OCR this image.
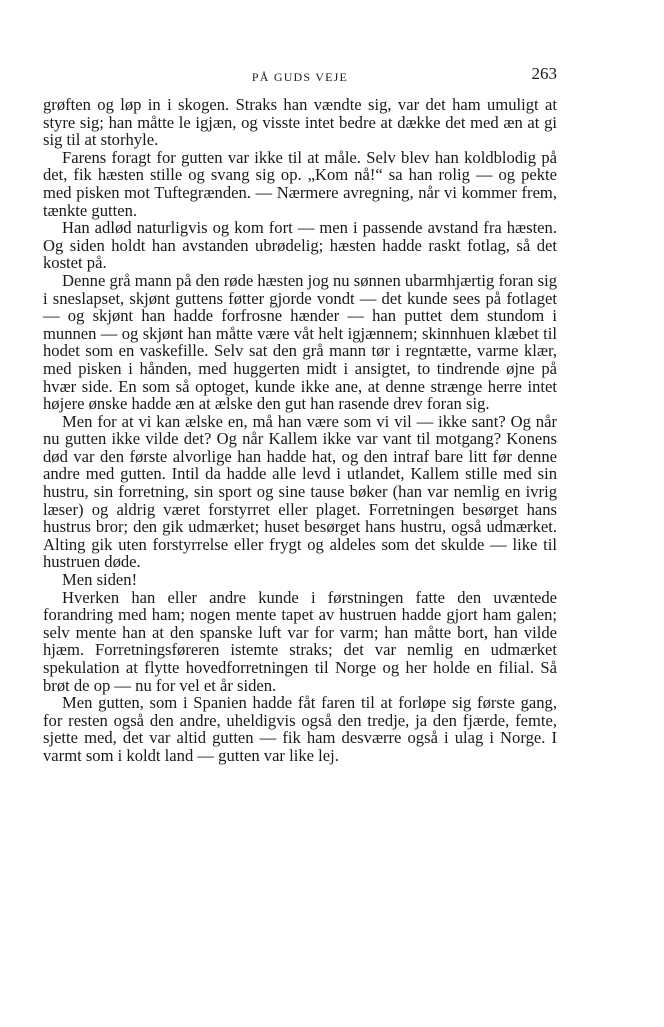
PÅ GUDS VEJE	263

grøften og løp in i skogen. Straks han vændte sig, var det ham umuligt at styre sig; han måtte le igjæn, og visste intet bedre at dække det med æn at gi sig til at storhyle.

Farens foragt for gutten var ikke til at måle. Selv blev han koldblodig på det, fik hæsten stille og svang sig op. „Kom nå!“ sa han rolig — og pekte med pisken mot Tuftegrænden. — Nærmere avregning, når vi kommer frem, tænkte gutten.

Han adlød naturligvis og kom fort — men i passende avstand fra hæsten. Og siden holdt han avstanden ubrødelig; hæsten hadde raskt fotlag, så det kostet på.

Denne grå mann på den røde hæsten jog nu sønnen ubarmhjærtig foran sig i sneslapset, skjønt guttens føtter gjorde vondt — det kunde sees på fotlaget — og skjønt han hadde forfrosne hænder — han puttet dem stundom i munnen — og skjønt han måtte være våt helt igjænnem; skinnhuen klæbet til hodet som en vaskefille. Selv sat den grå mann tør i regntætte, varme klær, med pisken i hånden, med huggerten midt i ansigtet, to tindrende øjne på hvær side. En som så optoget, kunde ikke ane, at denne strænge herre intet højere ønske hadde æn at ælske den gut han rasende drev foran sig.

Men for at vi kan ælske en, må han være som vi vil — ikke sant? Og når nu gutten ikke vilde det? Og når Kallem ikke var vant til motgang? Konens død var den første alvorlige han hadde hat, og den intraf bare litt før denne andre med gutten. Intil da hadde alle levd i utlandet, Kallem stille med sin hustru, sin forretning, sin sport og sine tause bøker (han var nemlig en ivrig læser) og aldrig været forstyrret eller plaget. Forretningen besørget hans hustrus bror; den gik udmærket; huset besørget hans hustru, også udmærket. Alting gik uten forstyrrelse eller frygt og aldeles som det skulde — like til hustruen døde.

Men siden!

Hverken han eller andre kunde i førstningen fatte den uvæntede forandring med ham; nogen mente tapet av hustruen hadde gjort ham galen; selv mente han at den spanske luft var for varm; han måtte bort, han vilde hjæm. Forretningsføreren istemte straks; det var nemlig en udmærket spekulation at flytte hovedforretningen til Norge og her holde en filial. Så brøt de op — nu for vel et år siden.

Men gutten, som i Spanien hadde fåt faren til at forløpe sig første gang, for resten også den andre, uheldigvis også den tredje, ja den fjærde, femte, sjette med, det var altid gutten — fik ham desværre også i ulag i Norge. I varmt som i koldt land — gutten var like lej.
